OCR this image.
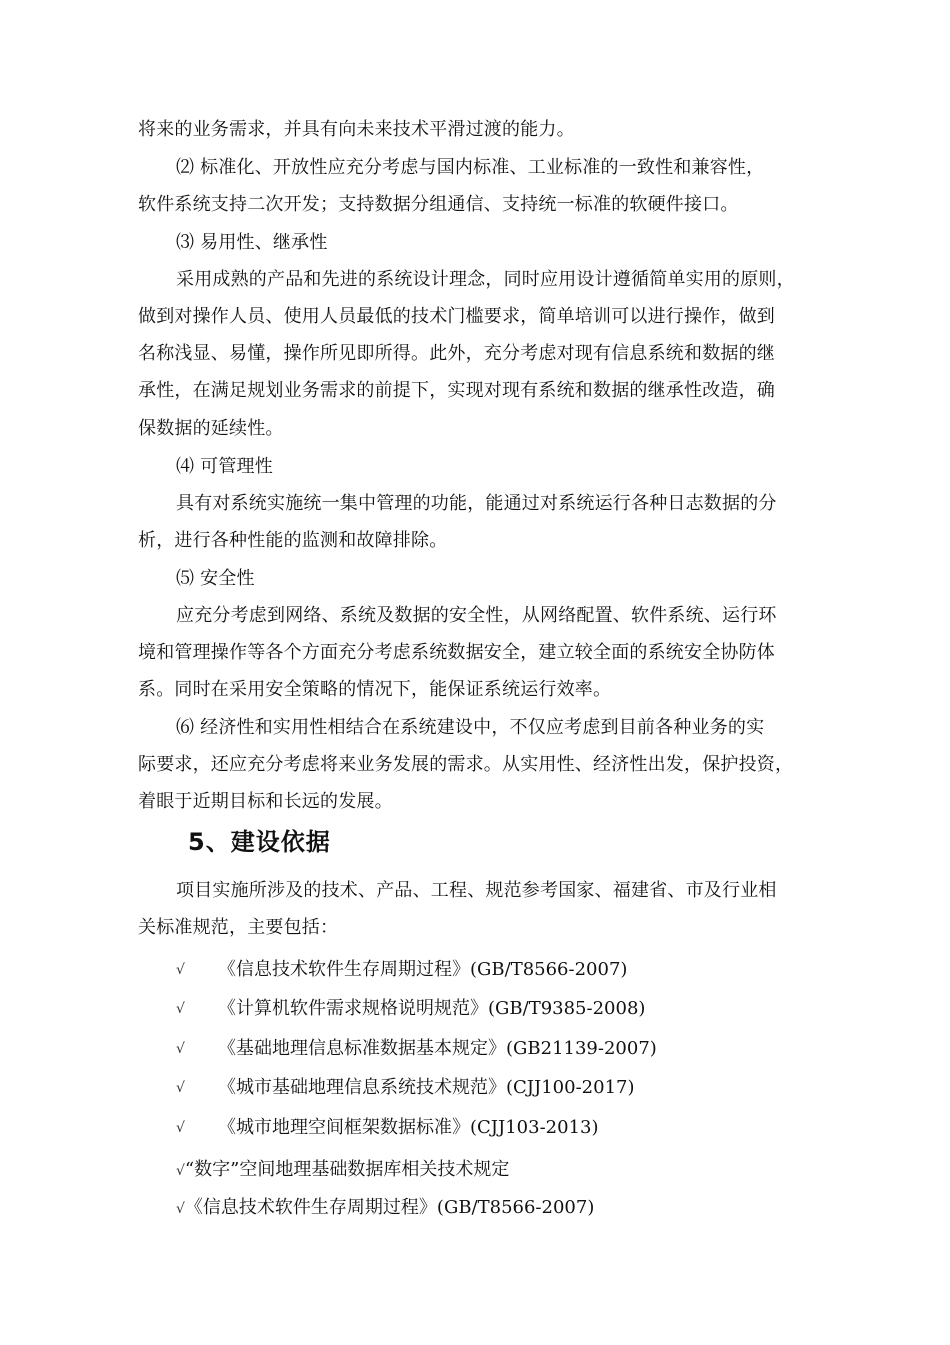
将来的业务需求，并具有向未来技术平滑过渡的能力。
⑵ 标准化、开放性应充分考虑与国内标准、工业标准的一致性和兼容性，
软件系统支持二次开发；支持数据分组通信、支持统一标准的软硬件接口。
⑶ 易用性、继承性
采用成熟的产品和先进的系统设计理念，同时应用设计遵循简单实用的原则，
做到对操作人员、使用人员最低的技术门槛要求，简单培训可以进行操作，做到
名称浅显、易懂，操作所见即所得。此外，充分考虑对现有信息系统和数据的继
承性，在满足规划业务需求的前提下，实现对现有系统和数据的继承性改造，确
保数据的延续性。
⑷ 可管理性
具有对系统实施统一集中管理的功能，能通过对系统运行各种日志数据的分
析，进行各种性能的监测和故障排除。
⑸ 安全性
应充分考虑到网络、系统及数据的安全性，从网络配置、软件系统、运行环
境和管理操作等各个方面充分考虑系统数据安全，建立较全面的系统安全协防体
系。同时在采用安全策略的情况下，能保证系统运行效率。
⑹ 经济性和实用性相结合在系统建设中，不仅应考虑到目前各种业务的实
际要求，还应充分考虑将来业务发展的需求。从实用性、经济性出发，保护投资，
着眼于近期目标和长远的发展。
5、建设依据
项目实施所涉及的技术、产品、工程、规范参考国家、福建省、市及行业相
关标准规范，主要包括：
√ 《信息技术软件生存周期过程》(GB/T8566-2007)
√ 《计算机软件需求规格说明规范》(GB/T9385-2008)
√ 《基础地理信息标准数据基本规定》(GB21139-2007)
√ 《城市基础地理信息系统技术规范》(CJJ100-2017)
√ 《城市地理空间框架数据标准》(CJJ103-2013)
√“数字”空间地理基础数据库相关技术规定
√《信息技术软件生存周期过程》(GB/T8566-2007)
